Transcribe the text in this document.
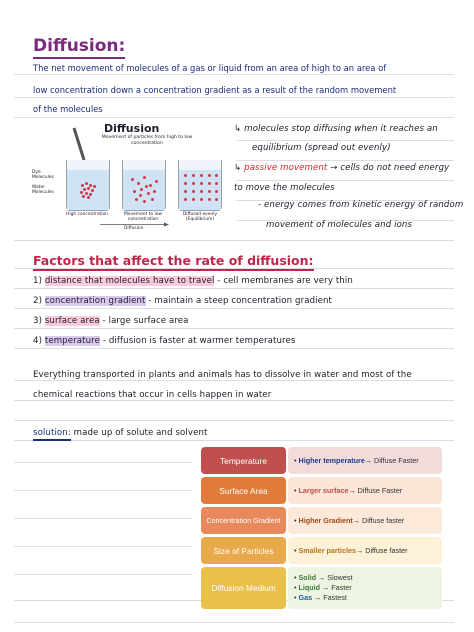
Diffusion:
The net movement of molecules of a gas or liquid from an area of high to an area of
low concentration down a concentration gradient as a result of the random movement
of the molecules
Diffusion
Movement of particles from high to low concentration
Dye Molecules
Water Molecules
High concentration	Movement to low concentration
Diffused evenly (Equilibrium)
Diffusion
↳ molecules stop diffusing when it reaches an
equilibrium (spread out evenly)
↳ passive movement → cells do not need energy
to move the molecules
- energy comes from kinetic energy of random
movement of molecules and ions
Factors that affect the rate of diffusion:
1) distance that molecules have to travel - cell membranes are very thin
2) concentration gradient - maintain a steep concentration gradient
3) surface area - large surface area
4) temperature - diffusion is faster at warmer temperatures
Everything transported in plants and animals has to dissolve in water and most of the
chemical reactions that occur in cells happen in water
solution: made up of solute and solvent
Temperature	• Higher temperature → Diffuse Faster
Surface Area	• Larger surface → Diffuse Faster
Concentration Gradient	• Higher Gradient → Diffuse faster
Size of Particles	• Smaller particles → Diffuse faster
Diffusion Medium
• Solid → Slowest
• Liquid → Faster
• Gas → Fastest
